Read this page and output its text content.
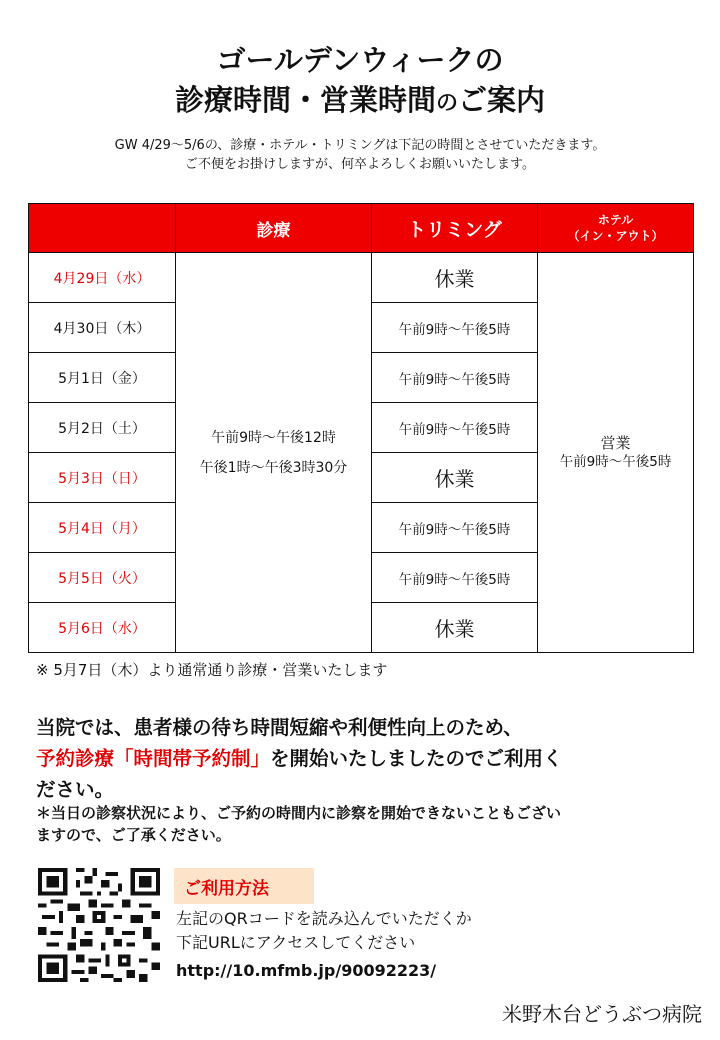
ゴールデンウィークの
診療時間・営業時間のご案内
GW 4/29〜5/6の、診療・ホテル・トリミングは下記の時間とさせていただきます。
ご不便をお掛けしますが、何卒よろしくお願いいたします。
診療	トリミング	ホテル
（イン・アウト）
4月29日（水）
4月30日（木）
5月1日（金）
5月2日（土）
5月3日（日）
5月4日（月）
5月5日（火）
5月6日（水）
午前9時〜午後12時
午後1時〜午後3時30分
休業
午前9時〜午後5時
午前9時〜午後5時
午前9時〜午後5時
休業
午前9時〜午後5時
午前9時〜午後5時
休業
営業
午前9時〜午後5時
※ 5月7日（木）より通常通り診療・営業いたします
当院では、患者様の待ち時間短縮や利便性向上のため、
予約診療「時間帯予約制」を開始いたしましたのでご利用く
ださい。
＊当日の診察状況により、ご予約の時間内に診察を開始できないこともござい
ますので、ご了承ください。
ご利用方法
左記のQRコードを読み込んでいただくか
下記URLにアクセスしてください
http://10.mfmb.jp/90092223/
米野木台どうぶつ病院
